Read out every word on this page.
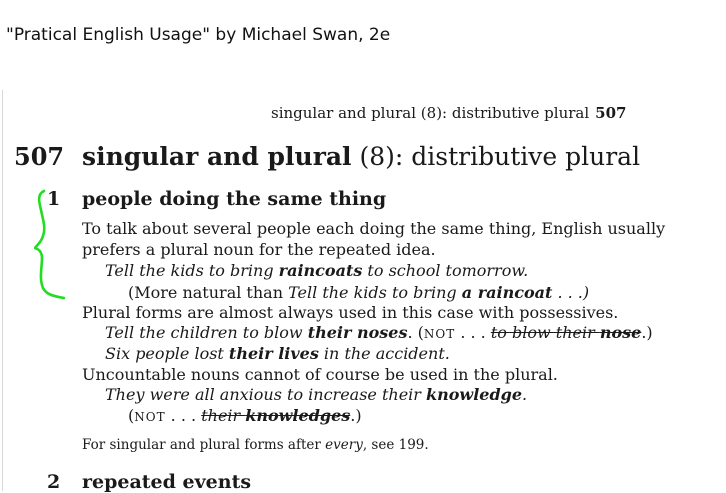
"Pratical English Usage" by Michael Swan, 2e
singular and plural (8): distributive plural 507
507 singular and plural (8): distributive plural
1 people doing the same thing
To talk about several people each doing the same thing, English usually
prefers a plural noun for the repeated idea.
Tell the kids to bring raincoats to school tomorrow.
(More natural than Tell the kids to bring a raincoat . . .)
Plural forms are almost always used in this case with possessives.
Tell the children to blow their noses. (NOT . . . to blow their nose.)
Six people lost their lives in the accident.
Uncountable nouns cannot of course be used in the plural.
They were all anxious to increase their knowledge.
(NOT . . . their knowledges.)
For singular and plural forms after every, see 199.
2 repeated events
